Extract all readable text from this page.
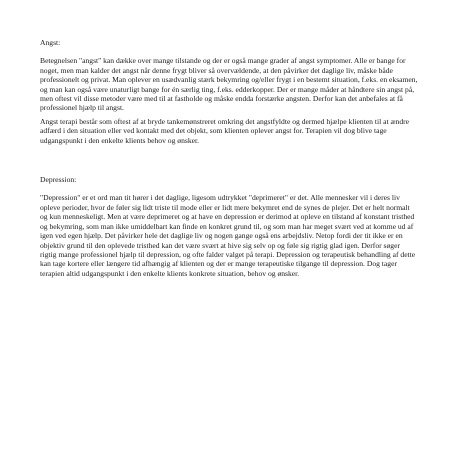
Angst:

Betegnelsen "angst" kan dække over mange tilstande og der er også mange grader af angst symptomer. Alle er bange for noget, men man kalder det angst når denne frygt bliver så overvældende, at den påvirker det daglige liv, måske både professionelt og privat. Man oplever en usædvanlig stærk bekymring og/eller frygt i en bestemt situation, f.eks. en eksamen, og man kan også være unaturligt bange for én særlig ting, f.eks. edderkopper. Der er mange måder at håndtere sin angst på, men oftest vil disse metoder være med til at fastholde og måske endda forstærke angsten. Derfor kan det anbefales at få professionel hjælp til angst.

Angst terapi består som oftest af at bryde tankemønstreret omkring det angstfyldte og dermed hjælpe klienten til at ændre adfærd i den situation eller ved kontakt med det objekt, som klienten oplever angst for. Terapien vil dog blive tage udgangspunkt i den enkelte klients behov og ønsker.

Depression:

"Depression" er et ord man tit hører i det daglige, ligesom udtrykket "deprimeret" er det. Alle mennesker vil i deres liv opleve perioder, hvor de føler sig lidt triste til mode eller er lidt mere bekymret end de synes de plejer. Det er helt normalt og kun menneskeligt. Men at være deprimeret og at have en depression er derimod at opleve en tilstand af konstant tristhed og bekymring, som man ikke umiddelbart kan finde en konkret grund til, og som man har meget svært ved at komme ud af igen ved egen hjælp. Det påvirker hele det daglige liv og nogen gange også ens arbejdsliv. Netop fordi der tit ikke er en objektiv grund til den oplevede tristhed kan det være svært at hive sig selv op og føle sig rigtig glad igen. Derfor søger rigtig mange professionel hjælp til depression, og ofte falder valget på terapi. Depression og terapeutisk behandling af dette kan tage kortere eller længere tid afhængig af klienten og der er mange terapeutiske tilgange til depression. Dog tager terapien altid udgangspunkt i den enkelte klients konkrete situation, behov og ønsker.
